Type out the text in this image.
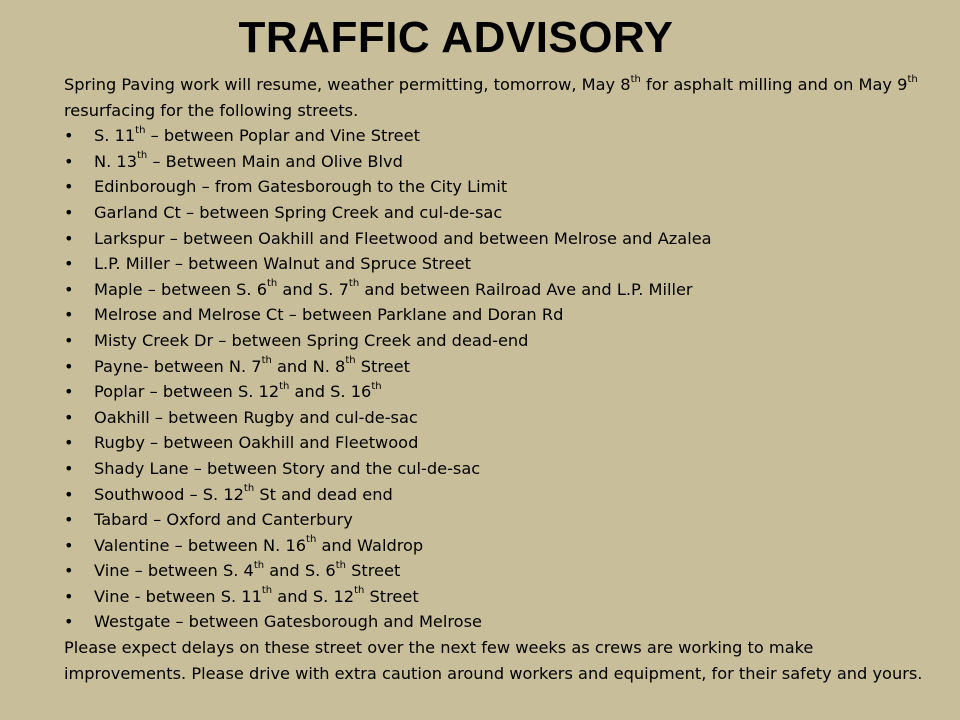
TRAFFIC ADVISORY

Spring Paving work will resume, weather permitting, tomorrow, May 8th for asphalt milling and on May 9th resurfacing for the following streets.

• S. 11th – between Poplar and Vine Street
• N. 13th – Between Main and Olive Blvd
• Edinborough – from Gatesborough to the City Limit
• Garland Ct – between Spring Creek and cul-de-sac
• Larkspur – between Oakhill and Fleetwood and between Melrose and Azalea
• L.P. Miller – between Walnut and Spruce Street
• Maple – between S. 6th and S. 7th and between Railroad Ave and L.P. Miller
• Melrose and Melrose Ct – between Parklane and Doran Rd
• Misty Creek Dr – between Spring Creek and dead-end
• Payne- between N. 7th and N. 8th Street
• Poplar – between S. 12th and S. 16th
• Oakhill – between Rugby and cul-de-sac
• Rugby – between Oakhill and Fleetwood
• Shady Lane – between Story and the cul-de-sac
• Southwood – S. 12th St and dead end
• Tabard – Oxford and Canterbury
• Valentine – between N. 16th and Waldrop
• Vine – between S. 4th and S. 6th Street
• Vine - between S. 11th and S. 12th Street
• Westgate – between Gatesborough and Melrose

Please expect delays on these street over the next few weeks as crews are working to make improvements. Please drive with extra caution around workers and equipment, for their safety and yours.
